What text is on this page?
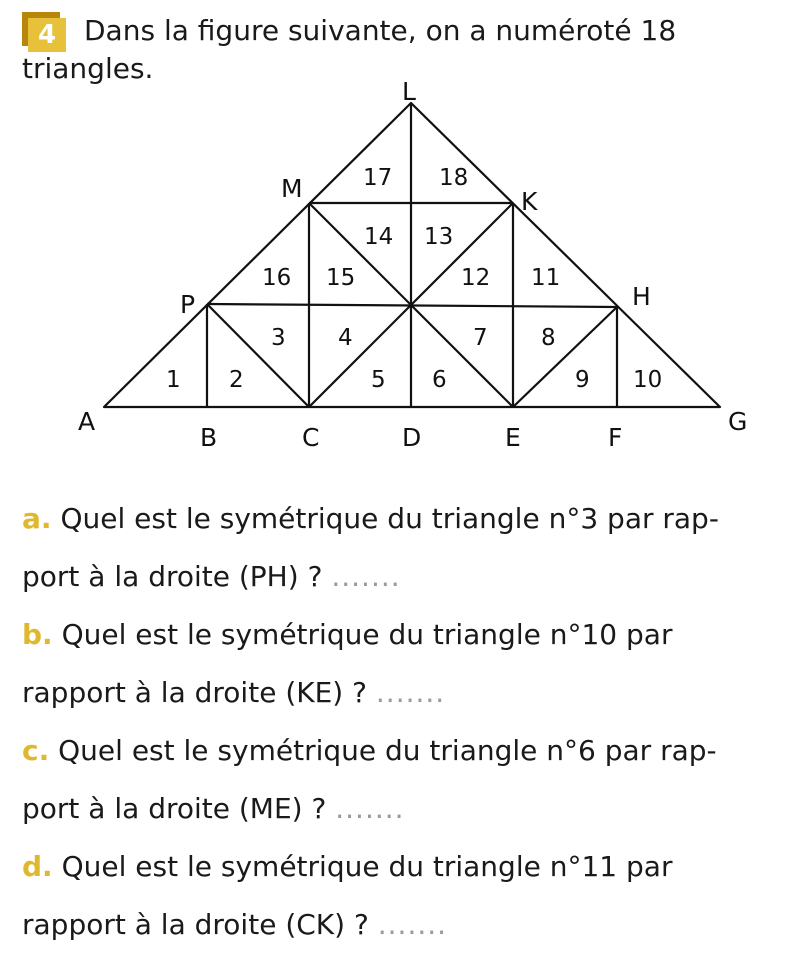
4 Dans la figure suivante, on a numéroté 18 triangles.

L
M	K
P	H
A
B	C	D	E	F
G
1 2
3 4
5 6
7 8
9 10
11
12
13
14
15
16
17 18

a. Quel est le symétrique du triangle n°3 par rap-
port à la droite (PH) ? .......

b. Quel est le symétrique du triangle n°10 par
rapport à la droite (KE) ? .......

c. Quel est le symétrique du triangle n°6 par rap-
port à la droite (ME) ? .......

d. Quel est le symétrique du triangle n°11 par
rapport à la droite (CK) ? .......
